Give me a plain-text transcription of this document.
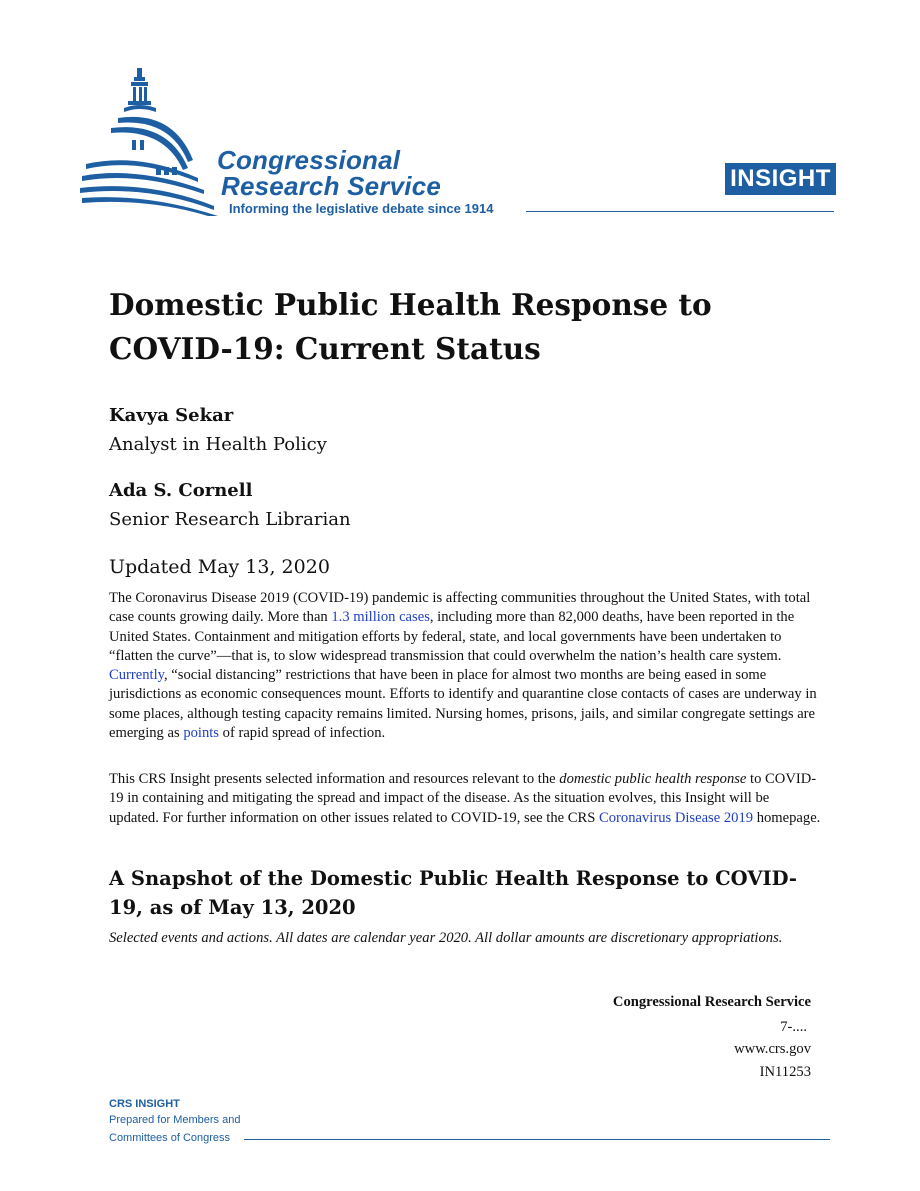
Congressional
Research Service
Informing the legislative debate since 1914
INSIGHT
Domestic Public Health Response to
COVID-19: Current Status
Kavya Sekar
Analyst in Health Policy
Ada S. Cornell
Senior Research Librarian
Updated May 13, 2020

The Coronavirus Disease 2019 (COVID-19) pandemic is affecting communities throughout the United States, with total case counts growing daily. More than 1.3 million cases, including more than 82,000 deaths, have been reported in the United States. Containment and mitigation efforts by federal, state, and local governments have been undertaken to “flatten the curve”—that is, to slow widespread transmission that could overwhelm the nation’s health care system. Currently, “social distancing” restrictions that have been in place for almost two months are being eased in some jurisdictions as economic consequences mount. Efforts to identify and quarantine close contacts of cases are underway in some places, although testing capacity remains limited. Nursing homes, prisons, jails, and similar congregate settings are emerging as points of rapid spread of infection.

This CRS Insight presents selected information and resources relevant to the domestic public health response to COVID-19 in containing and mitigating the spread and impact of the disease. As the situation evolves, this Insight will be updated. For further information on other issues related to COVID-19, see the CRS Coronavirus Disease 2019 homepage.

A Snapshot of the Domestic Public Health Response to COVID-19, as of May 13, 2020

Selected events and actions. All dates are calendar year 2020. All dollar amounts are discretionary appropriations.

Congressional Research Service
7-....
www.crs.gov
IN11253
CRS INSIGHT
Prepared for Members and
Committees of Congress
